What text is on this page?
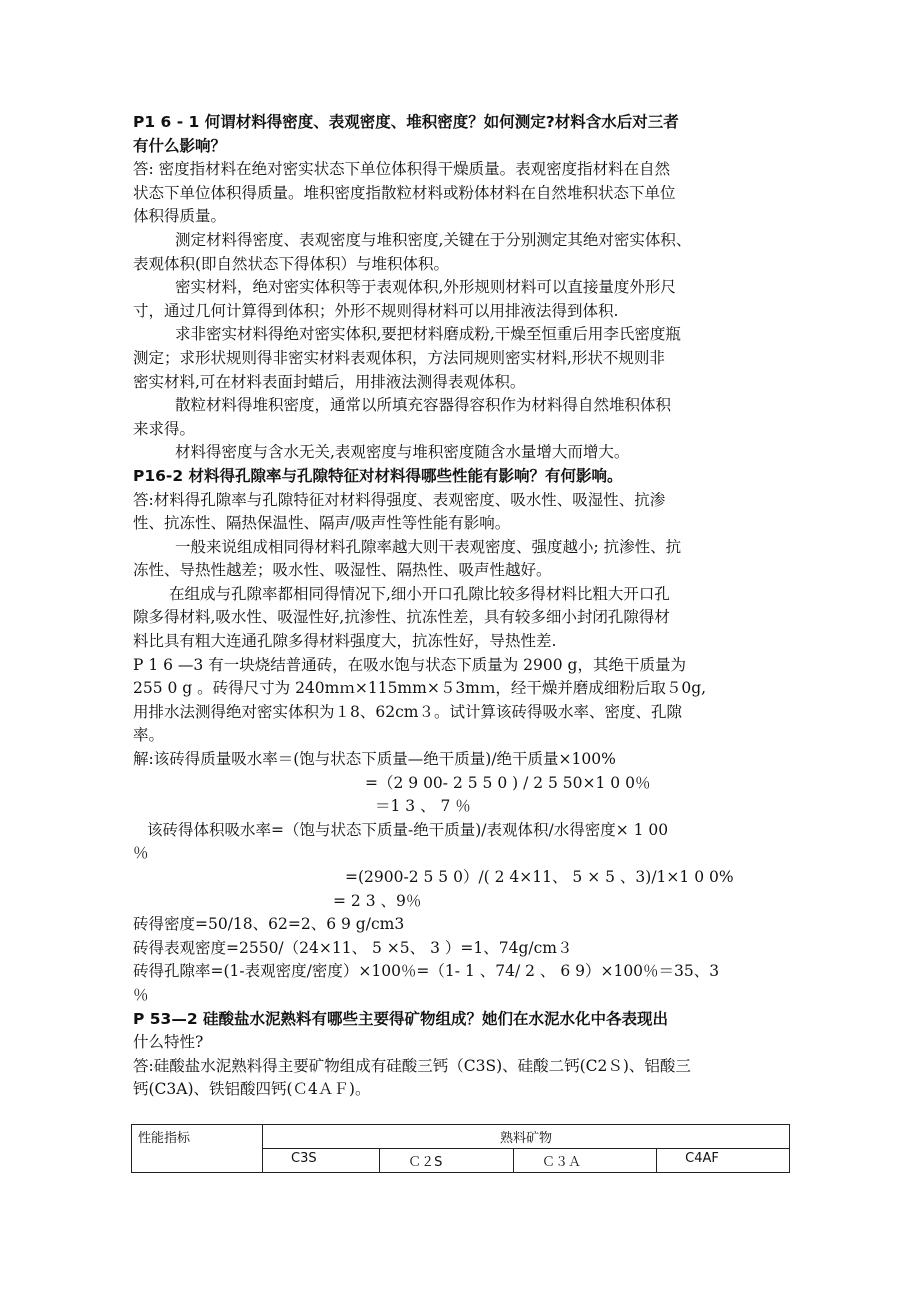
P1 6 - 1 何谓材料得密度、表观密度、堆积密度？如何测定?材料含水后对三者
有什么影响？
答: 密度指材料在绝对密实状态下单位体积得干燥质量。表观密度指材料在自然
状态下单位体积得质量。堆积密度指散粒材料或粉体材料在自然堆积状态下单位
体积得质量。
测定材料得密度、表观密度与堆积密度,关键在于分别测定其绝对密实体积、
表观体积(即自然状态下得体积）与堆积体积。
密实材料，绝对密实体积等于表观体积,外形规则材料可以直接量度外形尺
寸，通过几何计算得到体积；外形不规则得材料可以用排液法得到体积.
求非密实材料得绝对密实体积,要把材料磨成粉,干燥至恒重后用李氏密度瓶
测定；求形状规则得非密实材料表观体积，方法同规则密实材料,形状不规则非
密实材料,可在材料表面封蜡后，用排液法测得表观体积。
散粒材料得堆积密度，通常以所填充容器得容积作为材料得自然堆积体积
来求得。
材料得密度与含水无关,表观密度与堆积密度随含水量增大而增大。
P16-2 材料得孔隙率与孔隙特征对材料得哪些性能有影响？有何影响。
答:材料得孔隙率与孔隙特征对材料得强度、表观密度、吸水性、吸湿性、抗渗
性、抗冻性、隔热保温性、隔声/吸声性等性能有影响。
一般来说组成相同得材料孔隙率越大则干表观密度、强度越小; 抗渗性、抗
冻性、导热性越差；吸水性、吸湿性、隔热性、吸声性越好。
在组成与孔隙率都相同得情况下,细小开口孔隙比较多得材料比粗大开口孔
隙多得材料,吸水性、吸湿性好,抗渗性、抗冻性差，具有较多细小封闭孔隙得材
料比具有粗大连通孔隙多得材料强度大，抗冻性好，导热性差.
P 1 6 —3 有一块烧结普通砖，在吸水饱与状态下质量为 2900 g，其绝干质量为
255 0 g 。砖得尺寸为 240mｍ×115mm×５3mｍ，经干燥并磨成细粉后取５0g,
用排水法测得绝对密实体积为１8、62cm３。试计算该砖得吸水率、密度、孔隙
率。
解:该砖得质量吸水率＝(饱与状态下质量—绝干质量)/绝干质量×100%
=（2 9 00- 2 5 5 0 ) / 2 5 50×1 0 0％
＝1 3 、 7 ％
该砖得体积吸水率=（饱与状态下质量-绝干质量)/表观体积/水得密度× 1 00
％
=(2900-2 5 5 0）/( 2 4×11、 5 × 5 、3)/1×1 0 0%
= 2 3 、9％
砖得密度=50/18、62=2、6 9 g/cm3
砖得表观密度=2550/（24×11、 5 ×5、 3 ）=1、74g/cm３
砖得孔隙率=(1-表观密度/密度）×100％=（1- 1 、74/ 2 、 6 9）×100％＝35、3
％
P 53—2 硅酸盐水泥熟料有哪些主要得矿物组成？她们在水泥水化中各表现出
什么特性?
答:硅酸盐水泥熟料得主要矿物组成有硅酸三钙（C3S)、硅酸二钙(C2Ｓ)、铝酸三
钙(C3A)、铁铝酸四钙(Ｃ4ＡＦ)。
性能指标	熟料矿物			
	C3S	Ｃ２S	Ｃ３Ａ	C4AF
